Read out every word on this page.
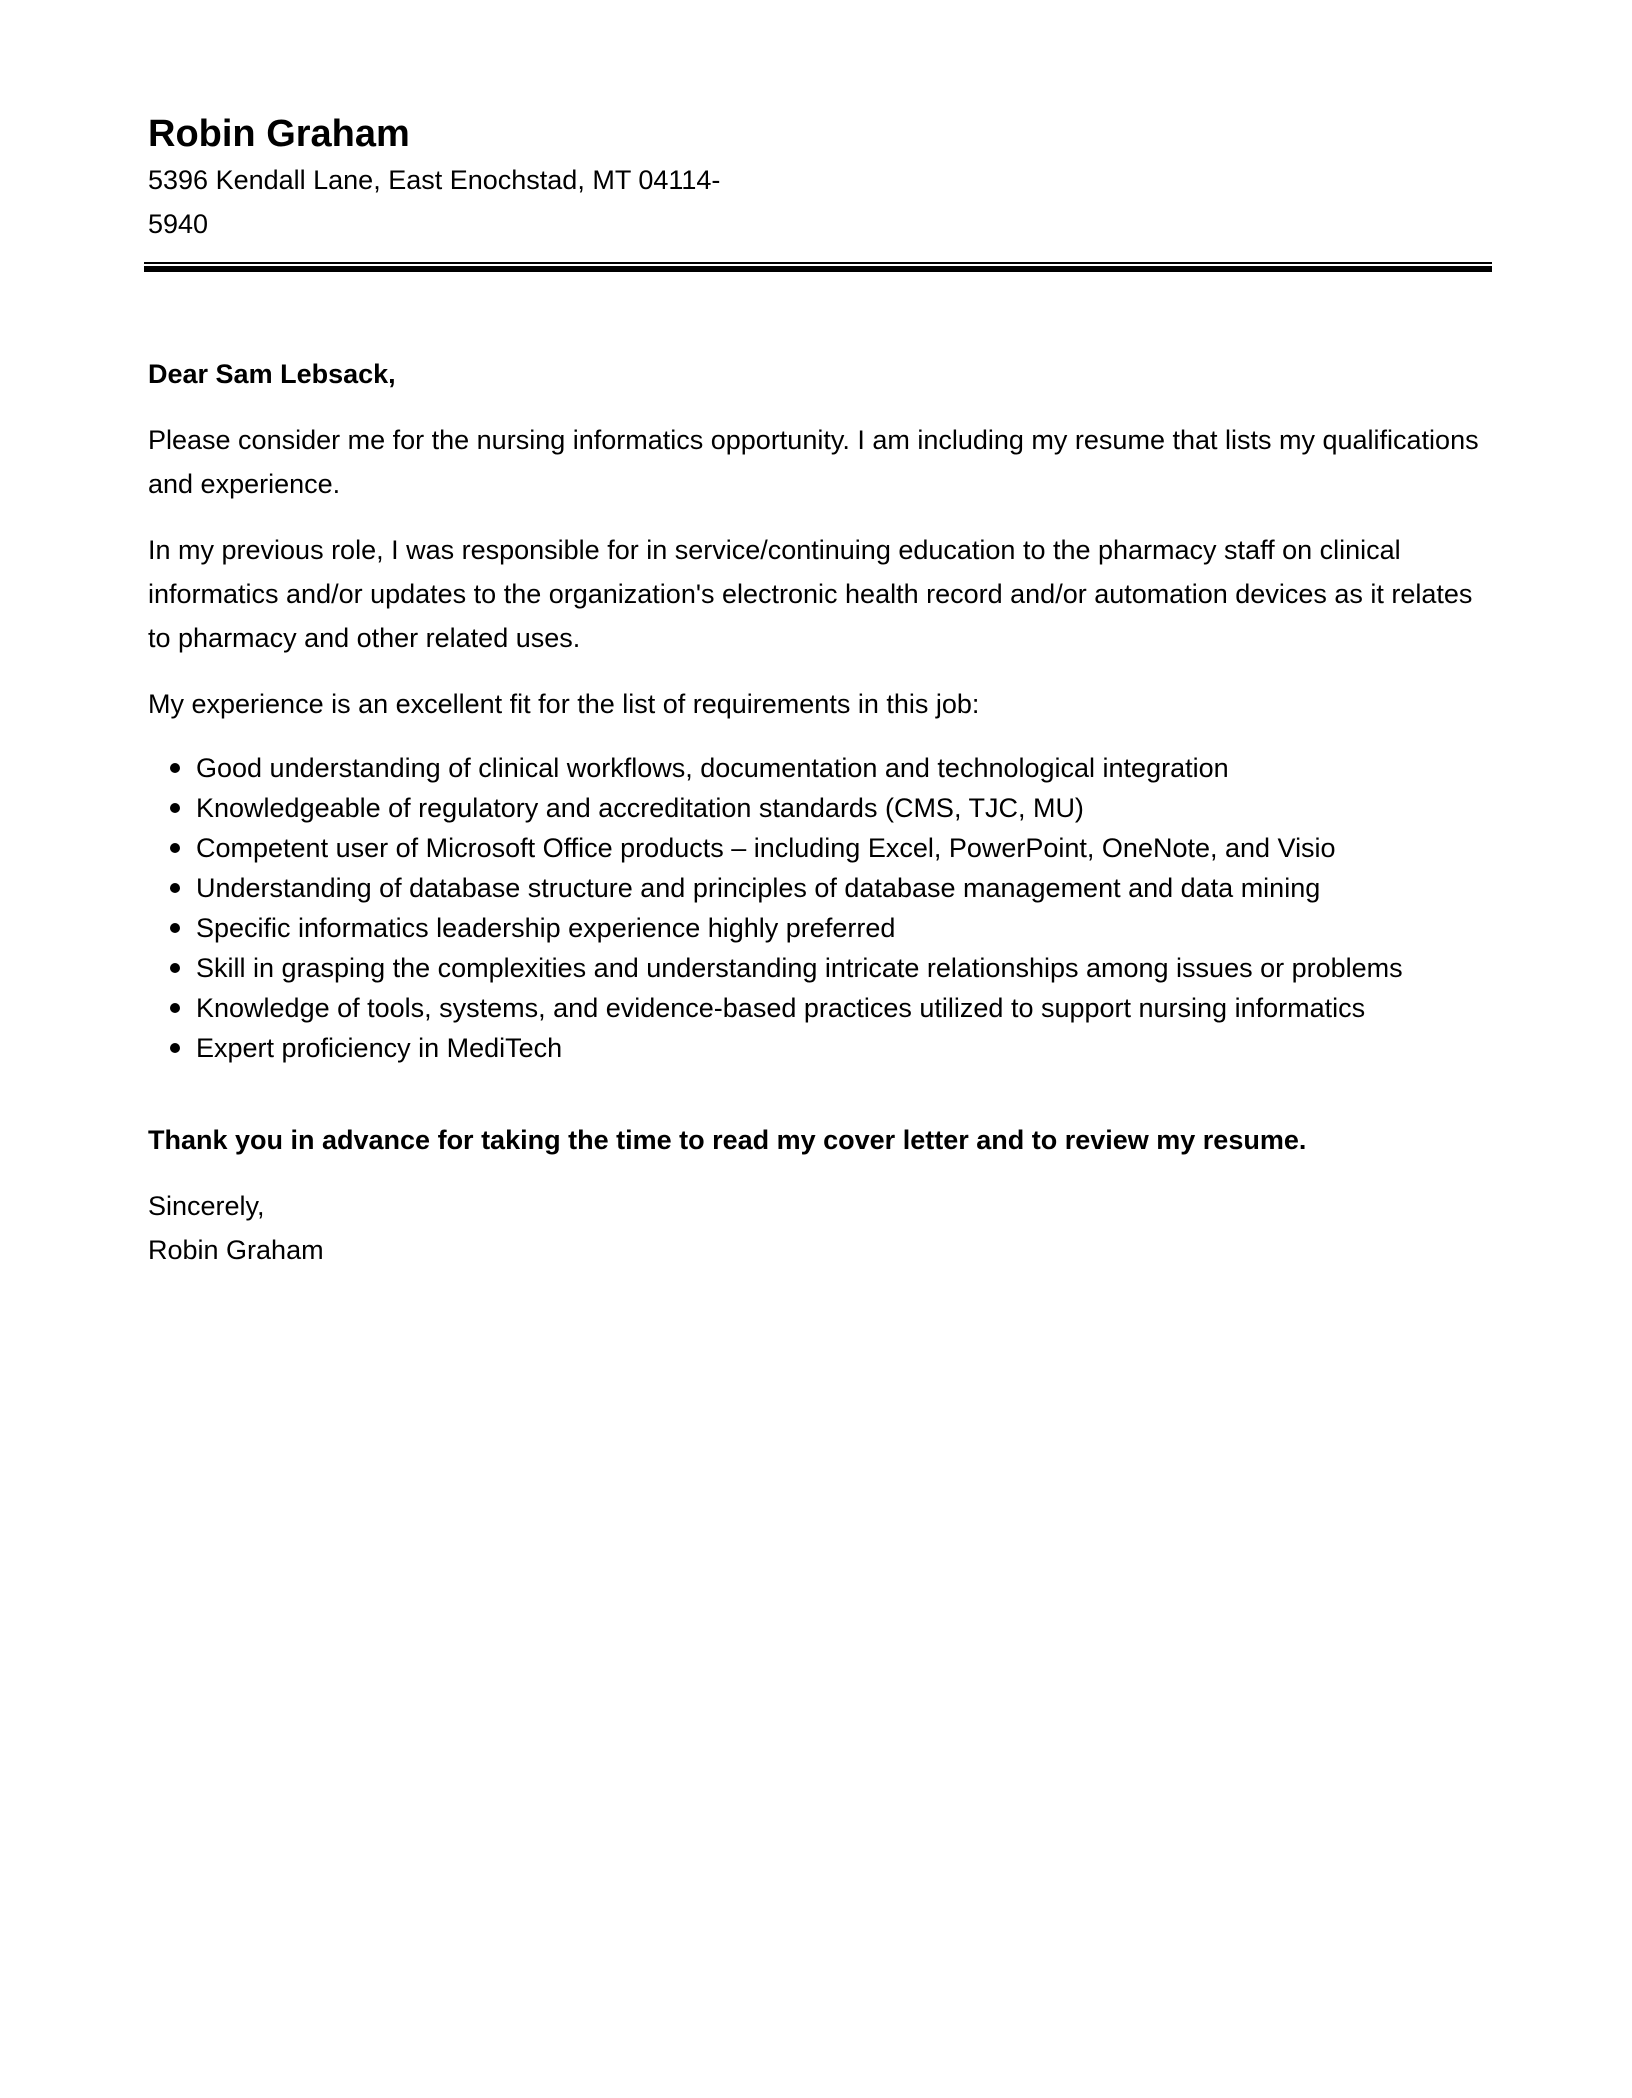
Robin Graham

5396 Kendall Lane, East Enochstad, MT 04114-5940

Dear Sam Lebsack,

Please consider me for the nursing informatics opportunity. I am including my resume that lists my qualifications and experience.

In my previous role, I was responsible for in service/continuing education to the pharmacy staff on clinical informatics and/or updates to the organization's electronic health record and/or automation devices as it relates to pharmacy and other related uses.

My experience is an excellent fit for the list of requirements in this job:

Good understanding of clinical workflows, documentation and technological integration
Knowledgeable of regulatory and accreditation standards (CMS, TJC, MU)
Competent user of Microsoft Office products – including Excel, PowerPoint, OneNote, and Visio
Understanding of database structure and principles of database management and data mining
Specific informatics leadership experience highly preferred
Skill in grasping the complexities and understanding intricate relationships among issues or problems
Knowledge of tools, systems, and evidence-based practices utilized to support nursing informatics
Expert proficiency in MediTech

Thank you in advance for taking the time to read my cover letter and to review my resume.

Sincerely,

Robin Graham
